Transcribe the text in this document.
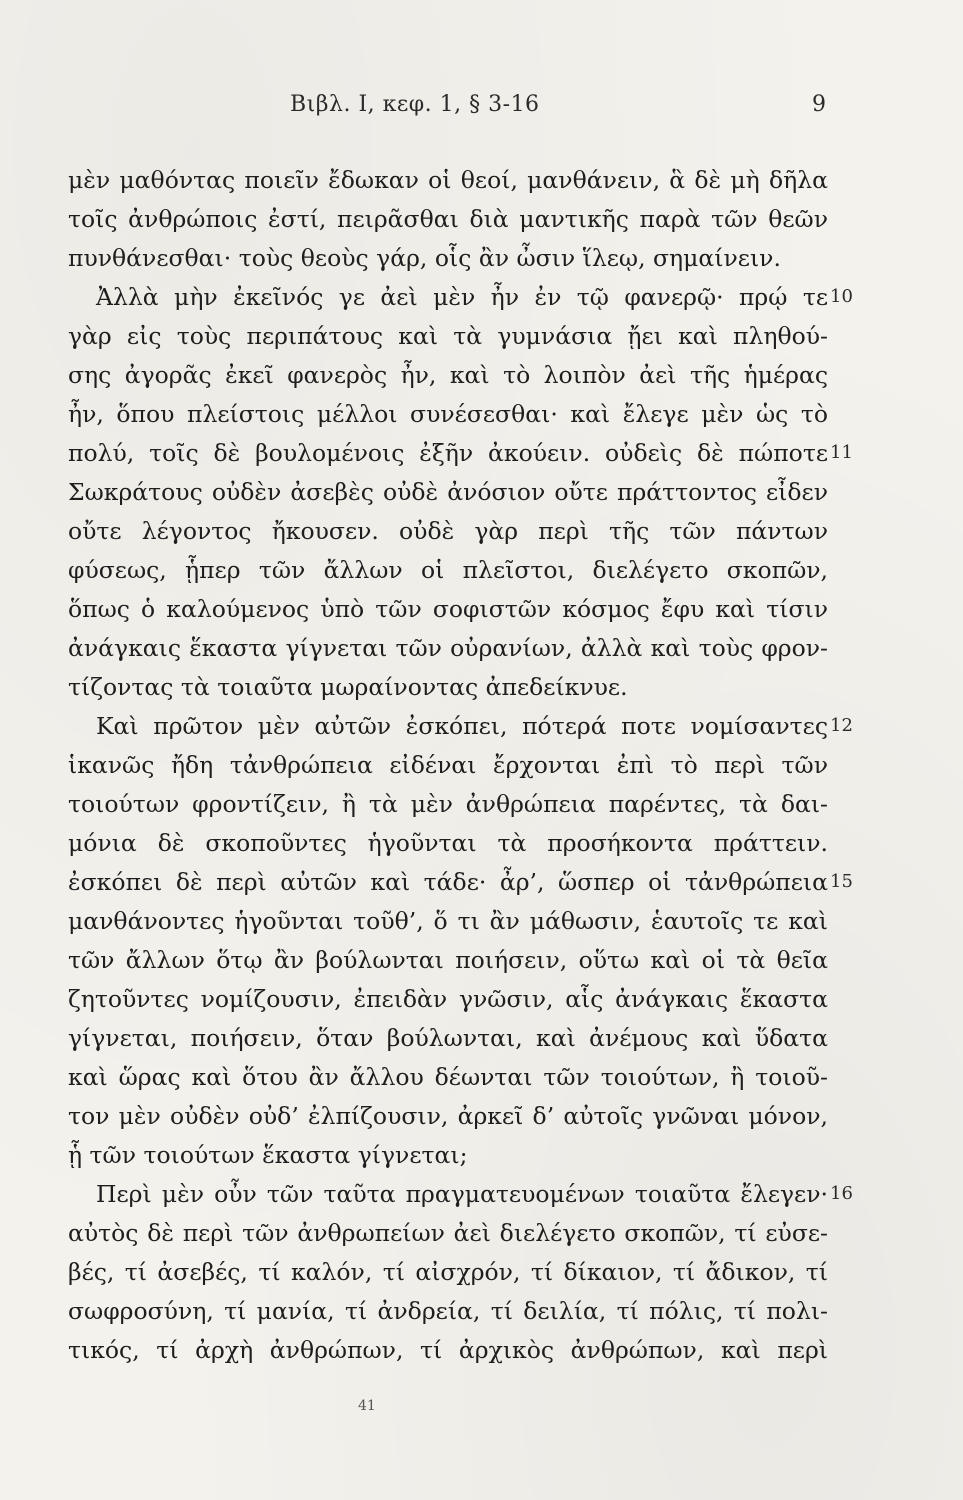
Βιβλ. I, κεφ. 1, § 3-16	9
μὲν μαθόντας ποιεῖν ἔδωκαν οἱ θεοί, μανθάνειν, ἃ δὲ μὴ δῆλα
τοῖς ἀνθρώποις ἐστί, πειρᾶσθαι διὰ μαντικῆς παρὰ τῶν θεῶν
πυνθάνεσθαι· τοὺς θεοὺς γάρ, οἷς ἂν ὦσιν ἵλεῳ, σημαίνειν.
Ἀλλὰ μὴν ἐκεῖνός γε ἀεὶ μὲν ἦν ἐν τῷ φανερῷ· πρῴ τε
γὰρ εἰς τοὺς περιπάτους καὶ τὰ γυμνάσια ᾔει καὶ πληθού-
σης ἀγορᾶς ἐκεῖ φανερὸς ἦν, καὶ τὸ λοιπὸν ἀεὶ τῆς ἡμέρας
ἦν, ὅπου πλείστοις μέλλοι συνέσεσθαι· καὶ ἔλεγε μὲν ὡς τὸ
πολύ, τοῖς δὲ βουλομένοις ἐξῆν ἀκούειν. οὐδεὶς δὲ πώποτε
Σωκράτους οὐδὲν ἀσεβὲς οὐδὲ ἀνόσιον οὔτε πράττοντος εἶδεν
οὔτε λέγοντος ἤκουσεν. οὐδὲ γὰρ περὶ τῆς τῶν πάντων
φύσεως, ᾗπερ τῶν ἄλλων οἱ πλεῖστοι, διελέγετο σκοπῶν,
ὅπως ὁ καλούμενος ὑπὸ τῶν σοφιστῶν κόσμος ἔφυ καὶ τίσιν
ἀνάγκαις ἕκαστα γίγνεται τῶν οὐρανίων, ἀλλὰ καὶ τοὺς φρον-
τίζοντας τὰ τοιαῦτα μωραίνοντας ἀπεδείκνυε.
Καὶ πρῶτον μὲν αὐτῶν ἐσκόπει, πότερά ποτε νομίσαντες
ἱκανῶς ἤδη τἀνθρώπεια εἰδέναι ἔρχονται ἐπὶ τὸ περὶ τῶν
τοιούτων φροντίζειν, ἢ τὰ μὲν ἀνθρώπεια παρέντες, τὰ δαι-
μόνια δὲ σκοποῦντες ἡγοῦνται τὰ προσήκοντα πράττειν.
ἐσκόπει δὲ περὶ αὐτῶν καὶ τάδε· ἆρ’, ὥσπερ οἱ τἀνθρώπεια
μανθάνοντες ἡγοῦνται τοῦθ’, ὅ τι ἂν μάθωσιν, ἑαυτοῖς τε καὶ
τῶν ἄλλων ὅτῳ ἂν βούλωνται ποιήσειν, οὕτω καὶ οἱ τὰ θεῖα
ζητοῦντες νομίζουσιν, ἐπειδὰν γνῶσιν, αἷς ἀνάγκαις ἕκαστα
γίγνεται, ποιήσειν, ὅταν βούλωνται, καὶ ἀνέμους καὶ ὕδατα
καὶ ὥρας καὶ ὅτου ἂν ἄλλου δέωνται τῶν τοιούτων, ἢ τοιοῦ-
τον μὲν οὐδὲν οὐδ’ ἐλπίζουσιν, ἀρκεῖ δ’ αὐτοῖς γνῶναι μόνον,
ᾗ τῶν τοιούτων ἕκαστα γίγνεται;
Περὶ μὲν οὖν τῶν ταῦτα πραγματευομένων τοιαῦτα ἔλεγεν·
αὐτὸς δὲ περὶ τῶν ἀνθρωπείων ἀεὶ διελέγετο σκοπῶν, τί εὐσε-
βές, τί ἀσεβές, τί καλόν, τί αἰσχρόν, τί δίκαιον, τί ἄδικον, τί
σωφροσύνη, τί μανία, τί ἀνδρεία, τί δειλία, τί πόλις, τί πολι-
τικός, τί ἀρχὴ ἀνθρώπων, τί ἀρχικὸς ἀνθρώπων, καὶ περὶ
10
11
12
15
16
41
